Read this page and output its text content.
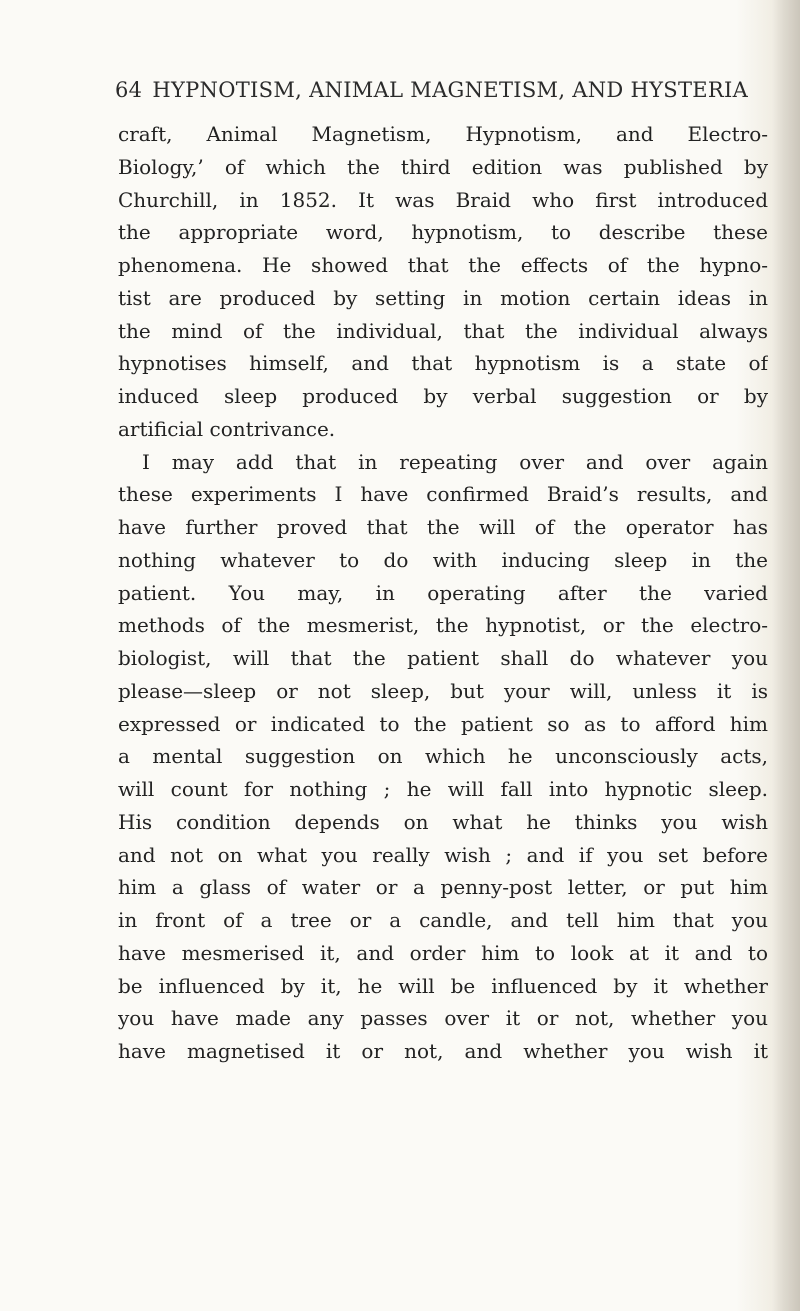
64 HYPNOTISM, ANIMAL MAGNETISM, AND HYSTERIA
craft, Animal Magnetism, Hypnotism, and Electro-
Biology,’ of which the third edition was published by
Churchill, in 1852. It was Braid who first introduced
the appropriate word, hypnotism, to describe these
phenomena. He showed that the effects of the hypno-
tist are produced by setting in motion certain ideas in
the mind of the individual, that the individual always
hypnotises himself, and that hypnotism is a state of
induced sleep produced by verbal suggestion or by
artificial contrivance.
I may add that in repeating over and over again
these experiments I have confirmed Braid’s results, and
have further proved that the will of the operator has
nothing whatever to do with inducing sleep in the
patient. You may, in operating after the varied
methods of the mesmerist, the hypnotist, or the electro-
biologist, will that the patient shall do whatever you
please—sleep or not sleep, but your will, unless it is
expressed or indicated to the patient so as to afford him
a mental suggestion on which he unconsciously acts,
will count for nothing ; he will fall into hypnotic sleep.
His condition depends on what he thinks you wish
and not on what you really wish ; and if you set before
him a glass of water or a penny-post letter, or put him
in front of a tree or a candle, and tell him that you
have mesmerised it, and order him to look at it and to
be influenced by it, he will be influenced by it whether
you have made any passes over it or not, whether you
have magnetised it or not, and whether you wish it
